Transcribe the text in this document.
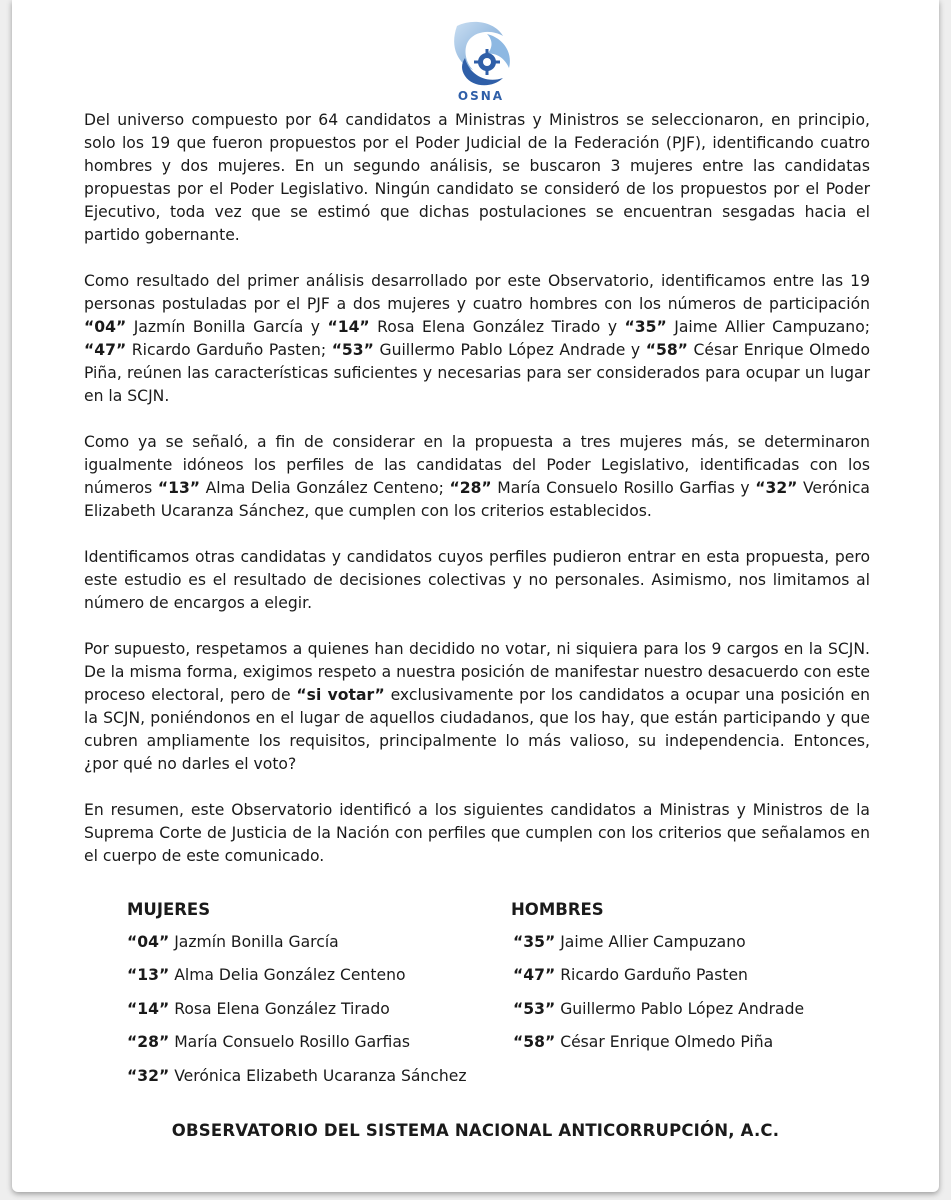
OSNA

Del universo compuesto por 64 candidatos a Ministras y Ministros se seleccionaron, en principio, solo los 19 que fueron propuestos por el Poder Judicial de la Federación (PJF), identificando cuatro hombres y dos mujeres. En un segundo análisis, se buscaron 3 mujeres entre las candidatas propuestas por el Poder Legislativo. Ningún candidato se consideró de los propuestos por el Poder Ejecutivo, toda vez que se estimó que dichas postulaciones se encuentran sesgadas hacia el partido gobernante.

Como resultado del primer análisis desarrollado por este Observatorio, identificamos entre las 19 personas postuladas por el PJF a dos mujeres y cuatro hombres con los números de participación “04” Jazmín Bonilla García y “14” Rosa Elena González Tirado y “35” Jaime Allier Campuzano; “47” Ricardo Garduño Pasten; “53” Guillermo Pablo López Andrade y “58” César Enrique Olmedo Piña, reúnen las características suficientes y necesarias para ser considerados para ocupar un lugar en la SCJN.

Como ya se señaló, a fin de considerar en la propuesta a tres mujeres más, se determinaron igualmente idóneos los perfiles de las candidatas del Poder Legislativo, identificadas con los números “13” Alma Delia González Centeno; “28” María Consuelo Rosillo Garfias y “32” Verónica Elizabeth Ucaranza Sánchez, que cumplen con los criterios establecidos.

Identificamos otras candidatas y candidatos cuyos perfiles pudieron entrar en esta propuesta, pero este estudio es el resultado de decisiones colectivas y no personales. Asimismo, nos limitamos al número de encargos a elegir.

Por supuesto, respetamos a quienes han decidido no votar, ni siquiera para los 9 cargos en la SCJN. De la misma forma, exigimos respeto a nuestra posición de manifestar nuestro desacuerdo con este proceso electoral, pero de “si votar” exclusivamente por los candidatos a ocupar una posición en la SCJN, poniéndonos en el lugar de aquellos ciudadanos, que los hay, que están participando y que cubren ampliamente los requisitos, principalmente lo más valioso, su independencia. Entonces, ¿por qué no darles el voto?

En resumen, este Observatorio identificó a los siguientes candidatos a Ministras y Ministros de la Suprema Corte de Justicia de la Nación con perfiles que cumplen con los criterios que señalamos en el cuerpo de este comunicado.

MUJERES
“04” Jazmín Bonilla García
“13” Alma Delia González Centeno
“14” Rosa Elena González Tirado
“28” María Consuelo Rosillo Garfias
“32” Verónica Elizabeth Ucaranza Sánchez
HOMBRES
“35” Jaime Allier Campuzano
“47” Ricardo Garduño Pasten
“53” Guillermo Pablo López Andrade
“58” César Enrique Olmedo Piña
OBSERVATORIO DEL SISTEMA NACIONAL ANTICORRUPCIÓN, A.C.
